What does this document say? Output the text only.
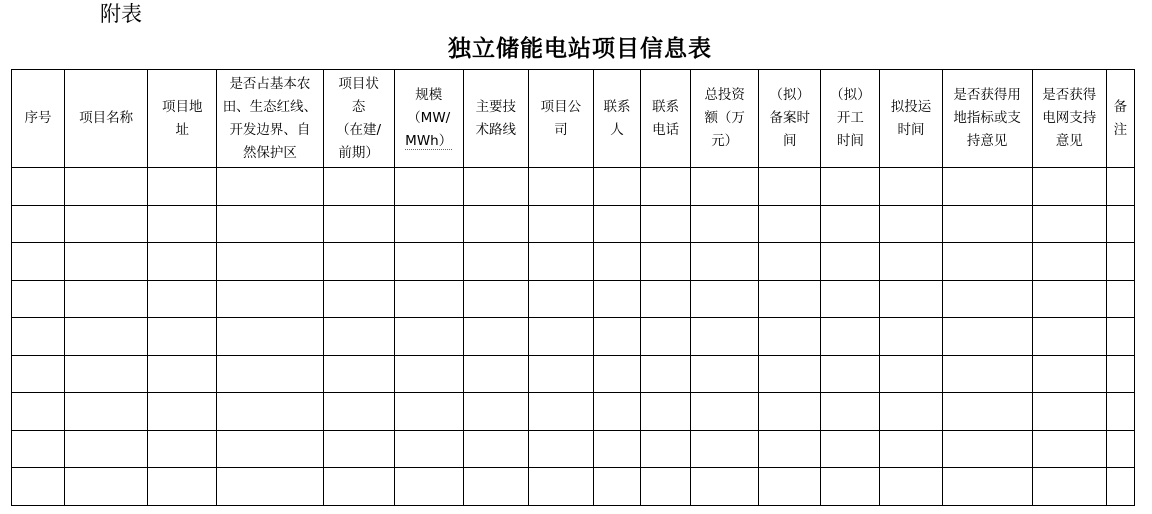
附表
独立储能电站项目信息表
序号	项目名称	项目地
址	是否占基本农
田、生态红线、
开发边界、自
然保护区	项目状
态
（在建/
前期）	规模
（MW/
MWh）	主要技
术路线	项目公
司	联系
人	联系
电话	总投资
额（万
元）	（拟）
备案时
间	（拟）
开工
时间	拟投运
时间	是否获得用
地指标或支
持意见	是否获得
电网支持
意见	备
注
